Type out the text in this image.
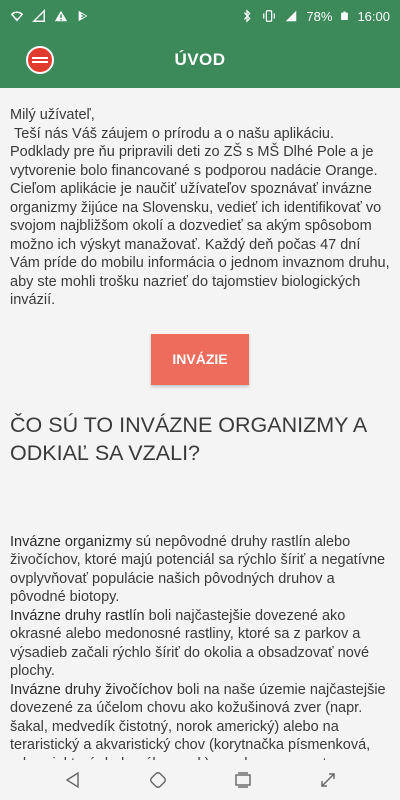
78% 16:00
ÚVOD

Milý užívateľ,

Teší nás Váš záujem o prírodu a o našu aplikáciu. Podklady pre ňu pripravili deti zo ZŠ s MŠ Dlhé Pole a je vytvorenie bolo financované s podporou nadácie Orange. Cieľom aplikácie je naučiť užívateľov spoznávať invázne organizmy žijúce na Slovensku, vedieť ich identifikovať vo svojom najbližšom okolí a dozvedieť sa akým spôsobom možno ich výskyt manažovať. Každý deň počas 47 dní Vám príde do mobilu informácia o jednom invaznom druhu, aby ste mohli trošku nazrieť do tajomstiev biologických invázií.

INVÁZIE
ČO SÚ TO INVÁZNE ORGANIZMY A ODKIAĽ SA VZALI?

Invázne organizmy sú nepôvodné druhy rastlín alebo živočíchov, ktoré majú potenciál sa rýchlo šíriť a negatívne ovplyvňovať populácie našich pôvodných druhov a pôvodné biotopy.

Invázne druhy rastlín boli najčastejšie dovezené ako okrasné alebo medonosné rastliny, ktoré sa z parkov a výsadieb začali rýchlo šíriť do okolia a obsadzovať nové plochy.

Invázne druhy živočíchov boli na naše územie najčastejšie dovezené za účelom chovu ako kožušinová zver (napr. šakal, medvedík čistotný, norok americký) alebo na teraristický a akvaristický chov (korytnačka písmenková,
